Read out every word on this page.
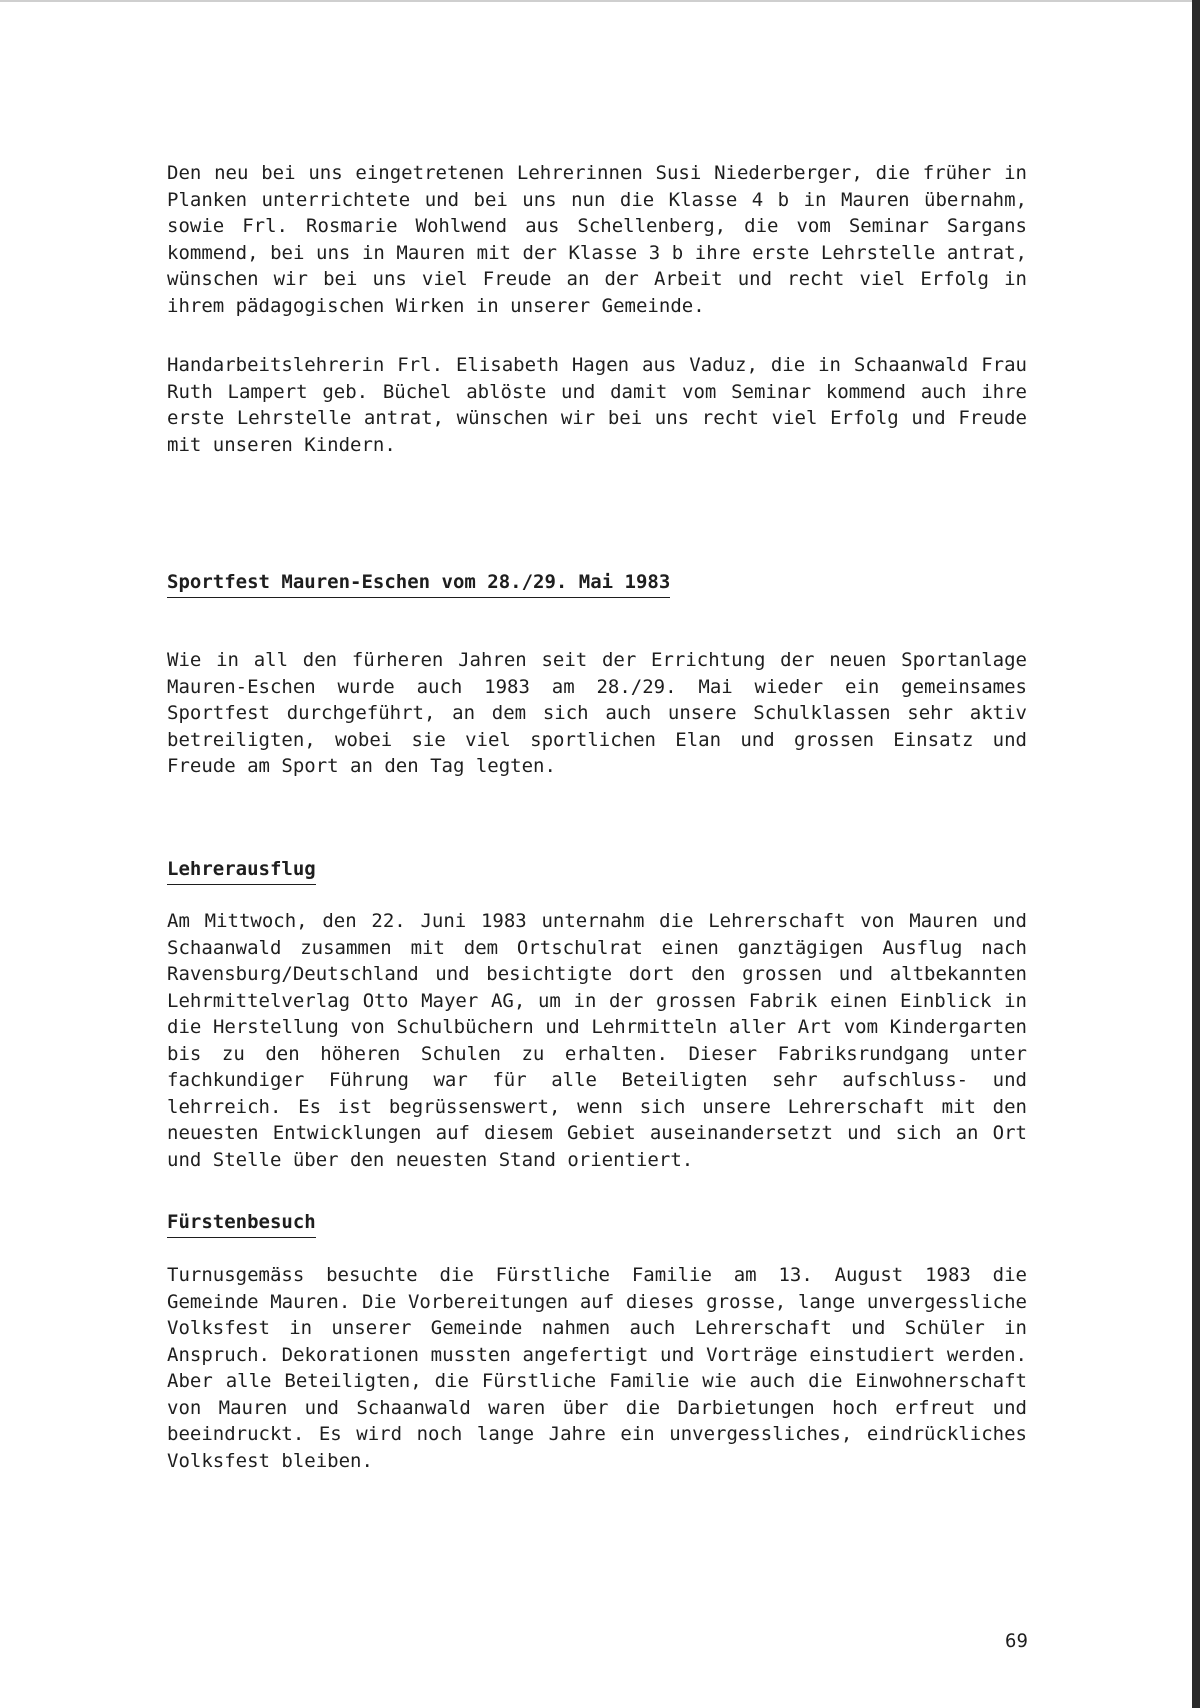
Den neu bei uns eingetretenen Lehrerinnen Susi Niederberger, die früher in Planken unterrichtete und bei uns nun die Klasse 4 b in Mauren übernahm, sowie Frl. Rosmarie Wohlwend aus Schellenberg, die vom Seminar Sargans kommend, bei uns in Mauren mit der Klasse 3 b ihre erste Lehrstelle antrat, wünschen wir bei uns viel Freude an der Arbeit und recht viel Erfolg in ihrem pädagogischen Wirken in unserer Gemeinde.

Handarbeitslehrerin Frl. Elisabeth Hagen aus Vaduz, die in Schaanwald Frau Ruth Lampert geb. Büchel ablöste und damit vom Seminar kommend auch ihre erste Lehrstelle antrat, wünschen wir bei uns recht viel Erfolg und Freude mit unseren Kindern.

Sportfest Mauren-Eschen vom 28./29. Mai 1983

Wie in all den fürheren Jahren seit der Errichtung der neuen Sportanlage Mauren-Eschen wurde auch 1983 am 28./29. Mai wieder ein gemeinsames Sportfest durchgeführt, an dem sich auch unsere Schulklassen sehr aktiv betreiligten, wobei sie viel sportlichen Elan und grossen Einsatz und Freude am Sport an den Tag legten.

Lehrerausflug

Am Mittwoch, den 22. Juni 1983 unternahm die Lehrerschaft von Mauren und Schaanwald zusammen mit dem Ortschulrat einen ganztägigen Ausflug nach Ravensburg/Deutschland und besichtigte dort den grossen und altbekannten Lehrmittelverlag Otto Mayer AG, um in der grossen Fabrik einen Einblick in die Herstellung von Schulbüchern und Lehrmitteln aller Art vom Kindergarten bis zu den höheren Schulen zu erhalten. Dieser Fabriksrundgang unter fachkundiger Führung war für alle Beteiligten sehr aufschluss- und lehrreich. Es ist begrüssenswert, wenn sich unsere Lehrerschaft mit den neuesten Entwicklungen auf diesem Gebiet auseinandersetzt und sich an Ort und Stelle über den neuesten Stand orientiert.

Fürstenbesuch

Turnusgemäss besuchte die Fürstliche Familie am 13. August 1983 die Gemeinde Mauren. Die Vorbereitungen auf dieses grosse, lange unvergessliche Volksfest in unserer Gemeinde nahmen auch Lehrerschaft und Schüler in Anspruch. Dekorationen mussten angefertigt und Vorträge einstudiert werden. Aber alle Beteiligten, die Fürstliche Familie wie auch die Einwohnerschaft von Mauren und Schaanwald waren über die Darbietungen hoch erfreut und beeindruckt. Es wird noch lange Jahre ein unvergessliches, eindrückliches Volksfest bleiben.

69
